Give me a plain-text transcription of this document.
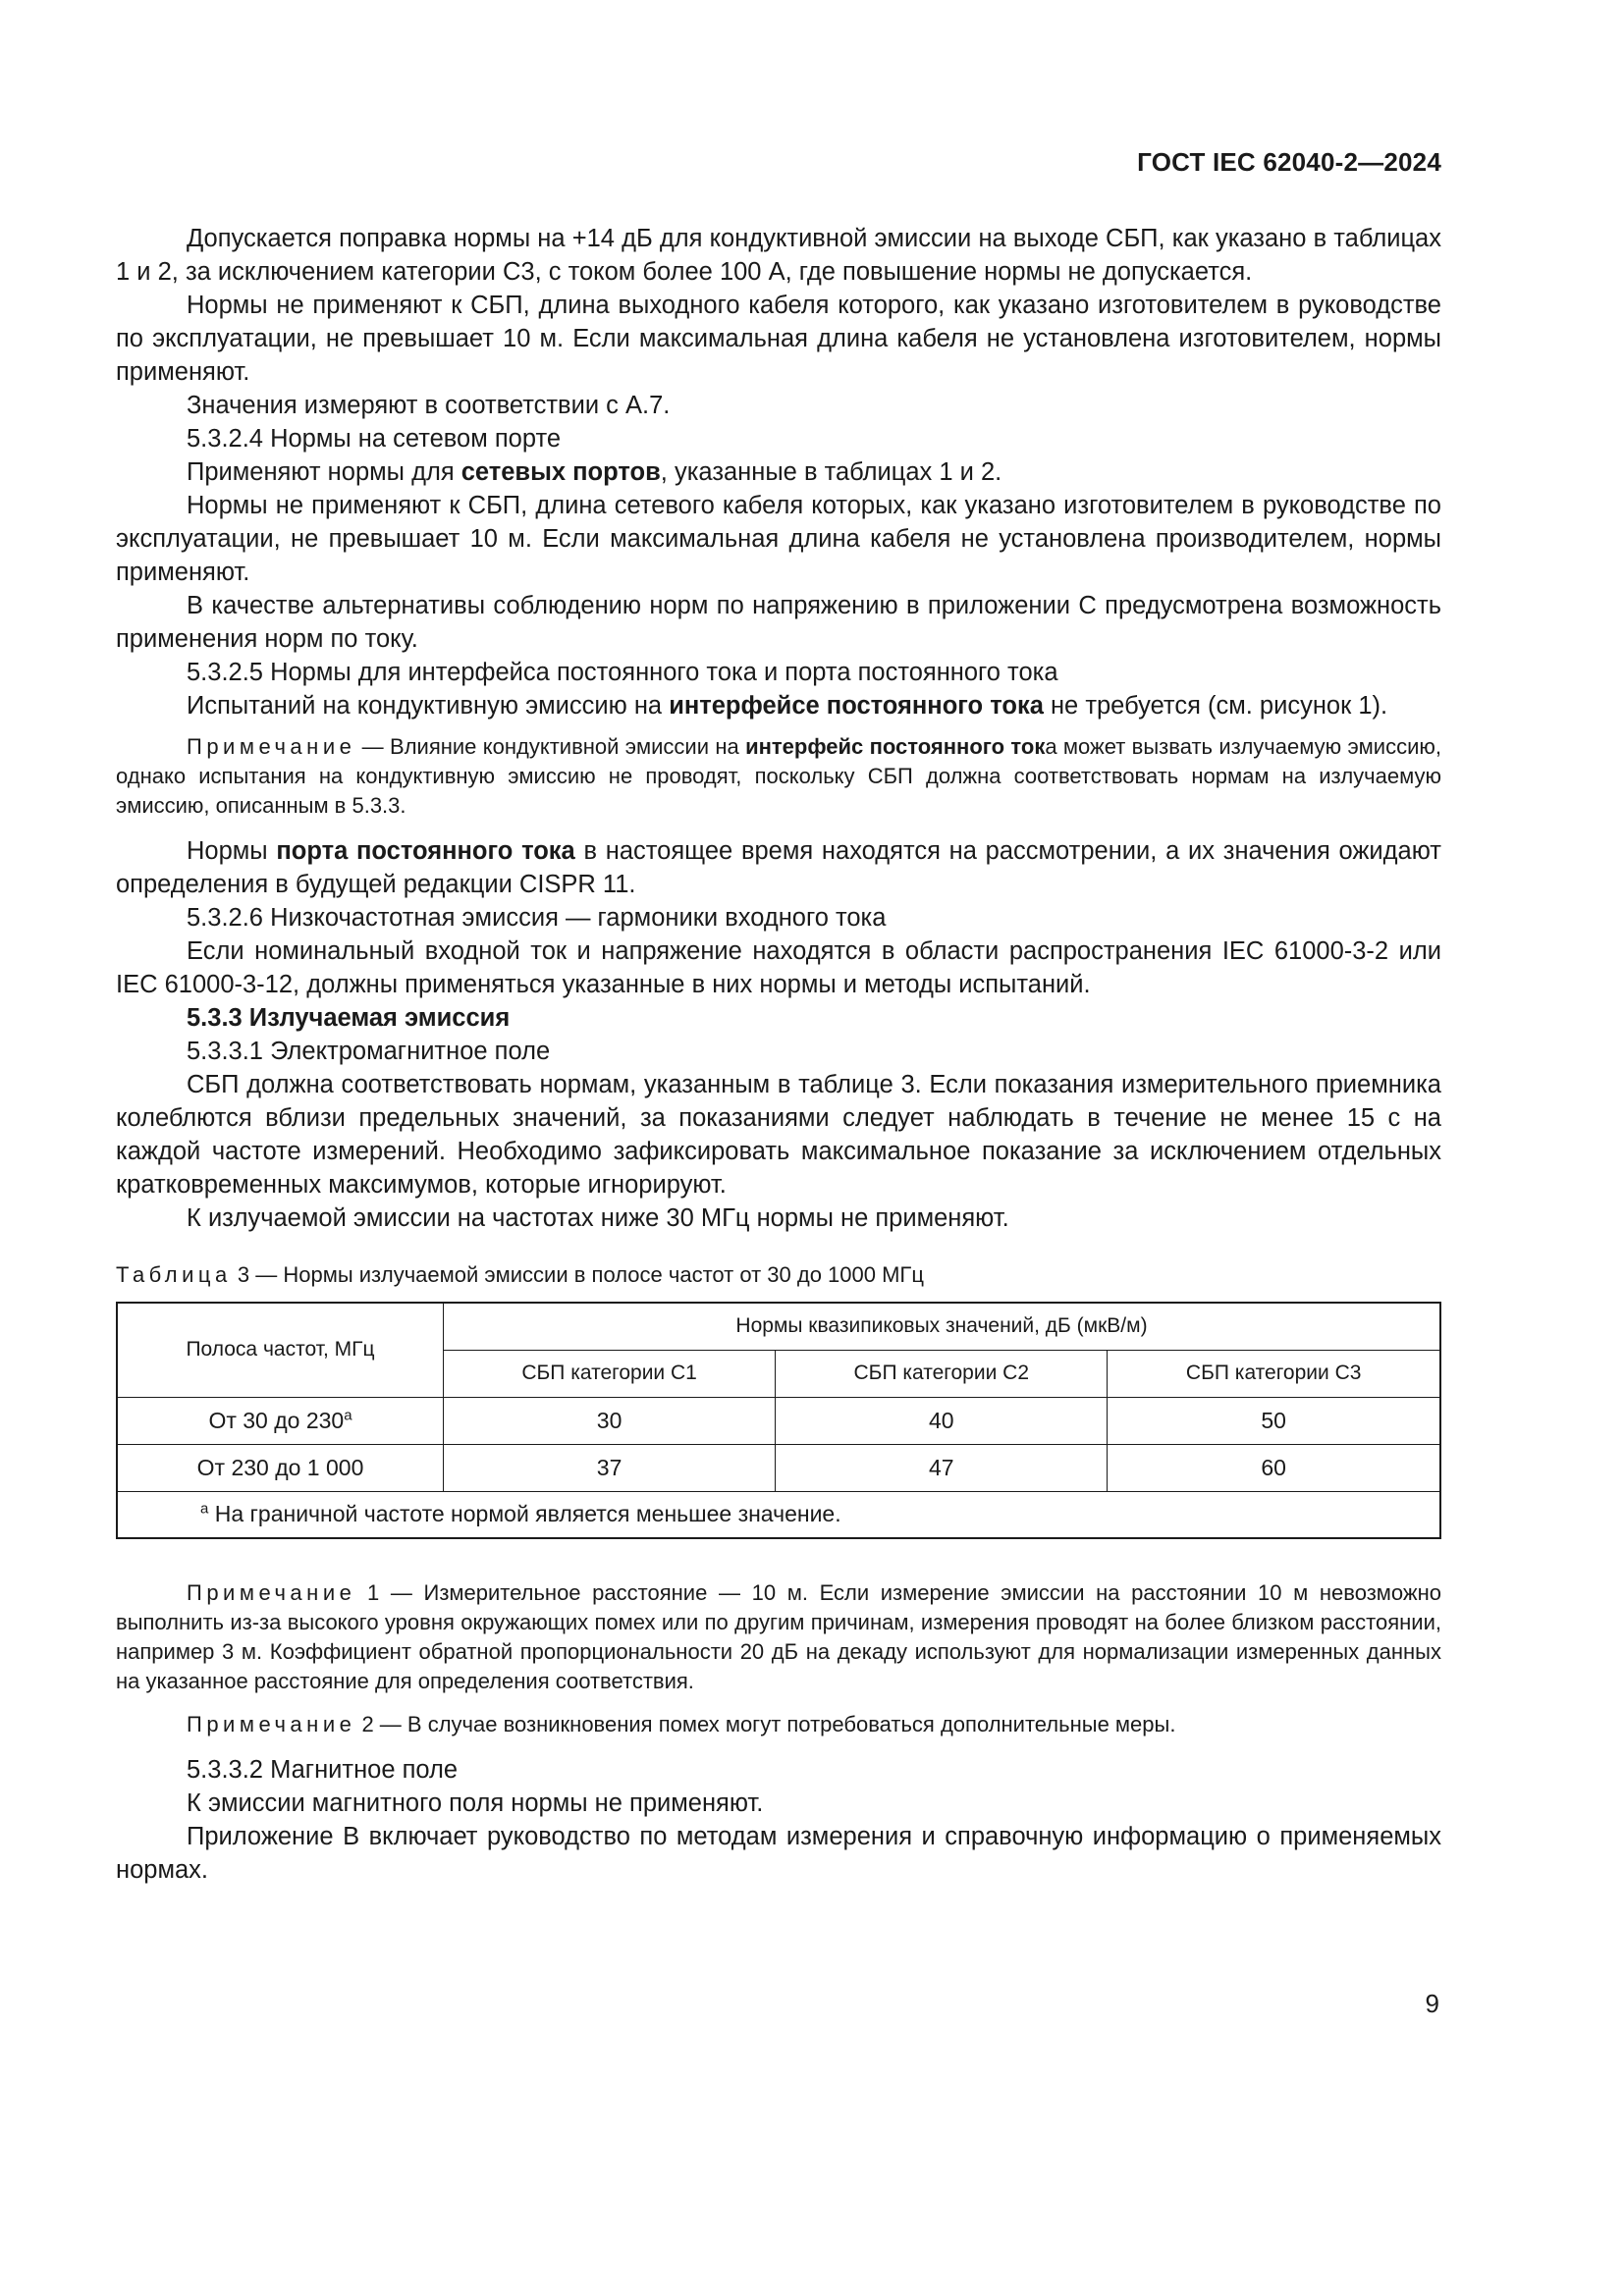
ГОСТ IEC 62040-2—2024

Допускается поправка нормы на +14 дБ для кондуктивной эмиссии на выходе СБП, как указано в таблицах 1 и 2, за исключением категории С3, с током более 100 А, где повышение нормы не допускается.

Нормы не применяют к СБП, длина выходного кабеля которого, как указано изготовителем в руководстве по эксплуатации, не превышает 10 м. Если максимальная длина кабеля не установлена изготовителем, нормы применяют.

Значения измеряют в соответствии с А.7.

5.3.2.4 Нормы на сетевом порте

Применяют нормы для сетевых портов, указанные в таблицах 1 и 2.

Нормы не применяют к СБП, длина сетевого кабеля которых, как указано изготовителем в руководстве по эксплуатации, не превышает 10 м. Если максимальная длина кабеля не установлена производителем, нормы применяют.

В качестве альтернативы соблюдению норм по напряжению в приложении С предусмотрена возможность применения норм по току.

5.3.2.5 Нормы для интерфейса постоянного тока и порта постоянного тока

Испытаний на кондуктивную эмиссию на интерфейсе постоянного тока не требуется (см. рисунок 1).

Примечание — Влияние кондуктивной эмиссии на интерфейс постоянного тока может вызвать излучаемую эмиссию, однако испытания на кондуктивную эмиссию не проводят, поскольку СБП должна соответствовать нормам на излучаемую эмиссию, описанным в 5.3.3.

Нормы порта постоянного тока в настоящее время находятся на рассмотрении, а их значения ожидают определения в будущей редакции CISPR 11.

5.3.2.6 Низкочастотная эмиссия — гармоники входного тока

Если номинальный входной ток и напряжение находятся в области распространения IEC 61000-3-2 или IEC 61000-3-12, должны применяться указанные в них нормы и методы испытаний.

5.3.3 Излучаемая эмиссия

5.3.3.1 Электромагнитное поле

СБП должна соответствовать нормам, указанным в таблице 3. Если показания измерительного приемника колеблются вблизи предельных значений, за показаниями следует наблюдать в течение не менее 15 с на каждой частоте измерений. Необходимо зафиксировать максимальное показание за исключением отдельных кратковременных максимумов, которые игнорируют.

К излучаемой эмиссии на частотах ниже 30 МГц нормы не применяют.

Таблица 3 — Нормы излучаемой эмиссии в полосе частот от 30 до 1000 МГц
Полоса частот, МГц	Нормы квазипиковых значений, дБ (мкВ/м)		
	СБП категории С1	СБП категории С2	СБП категории С3
От 30 до 230$^a$	30	40	50
От 230 до 1 000	37	47	60
$^a$ На граничной частоте нормой является меньшее значение.			

Примечание 1 — Измерительное расстояние — 10 м. Если измерение эмиссии на расстоянии 10 м невозможно выполнить из-за высокого уровня окружающих помех или по другим причинам, измерения проводят на более близком расстоянии, например 3 м. Коэффициент обратной пропорциональности 20 дБ на декаду используют для нормализации измеренных данных на указанное расстояние для определения соответствия.

Примечание 2 — В случае возникновения помех могут потребоваться дополнительные меры.

5.3.3.2 Магнитное поле

К эмиссии магнитного поля нормы не применяют.

Приложение В включает руководство по методам измерения и справочную информацию о применяемых нормах.

9
